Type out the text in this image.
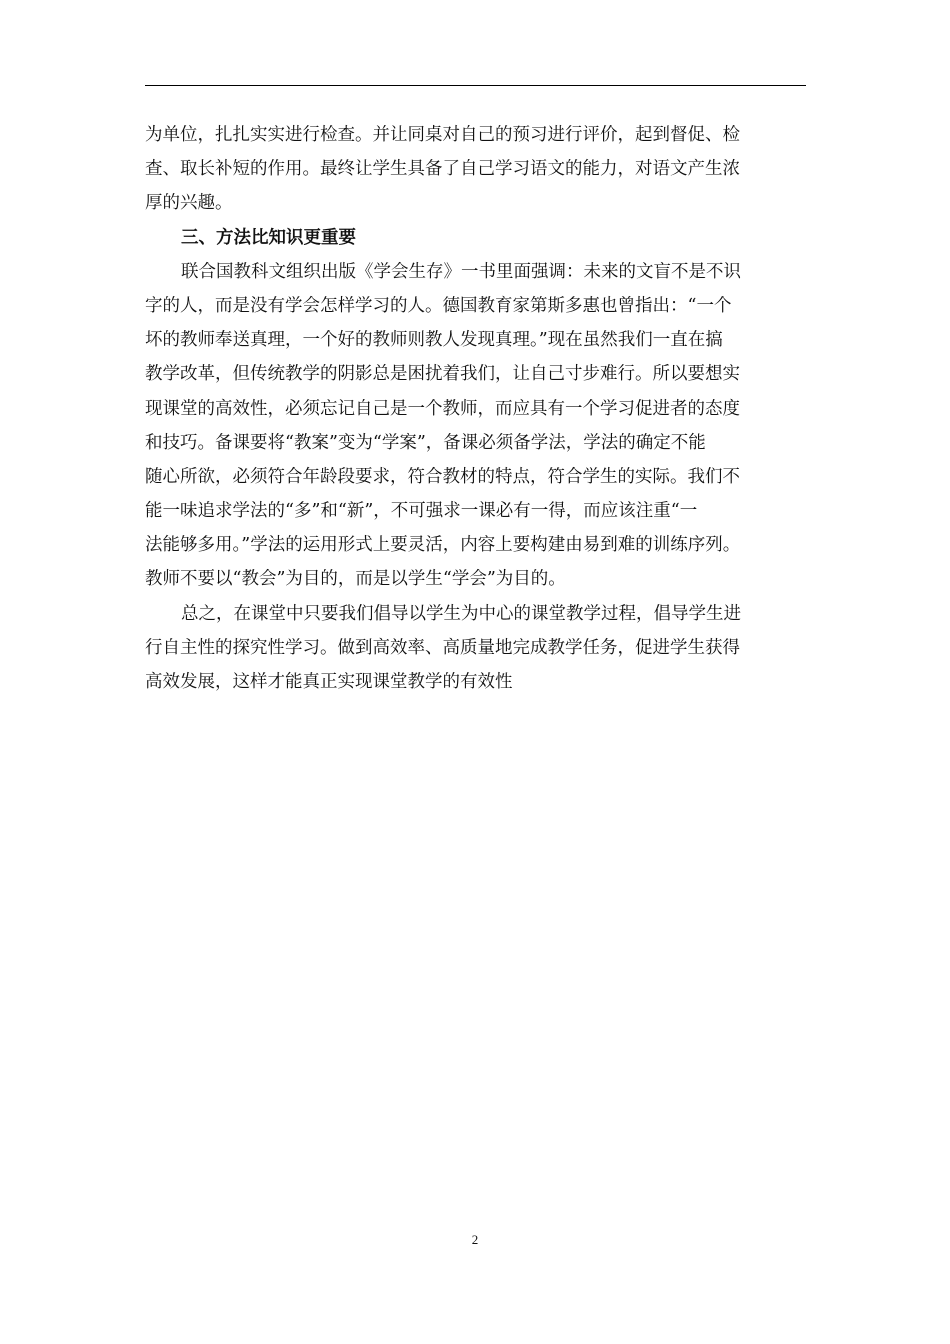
为单位，扎扎实实进行检查。并让同桌对自己的预习进行评价，起到督促、检
查、取长补短的作用。最终让学生具备了自己学习语文的能力，对语文产生浓
厚的兴趣。
三、方法比知识更重要
联合国教科文组织出版《学会生存》一书里面强调：未来的文盲不是不识
字的人，而是没有学会怎样学习的人。德国教育家第斯多惠也曾指出：“一个
坏的教师奉送真理，一个好的教师则教人发现真理。”现在虽然我们一直在搞
教学改革，但传统教学的阴影总是困扰着我们，让自己寸步难行。所以要想实
现课堂的高效性，必须忘记自己是一个教师，而应具有一个学习促进者的态度
和技巧。备课要将“教案”变为“学案”，备课必须备学法，学法的确定不能
随心所欲，必须符合年龄段要求，符合教材的特点，符合学生的实际。我们不
能一味追求学法的“多”和“新”，不可强求一课必有一得，而应该注重“一
法能够多用。”学法的运用形式上要灵活，内容上要构建由易到难的训练序列。
教师不要以“教会”为目的，而是以学生“学会”为目的。
总之，在课堂中只要我们倡导以学生为中心的课堂教学过程，倡导学生进
行自主性的探究性学习。做到高效率、高质量地完成教学任务，促进学生获得
高效发展，这样才能真正实现课堂教学的有效性
2
